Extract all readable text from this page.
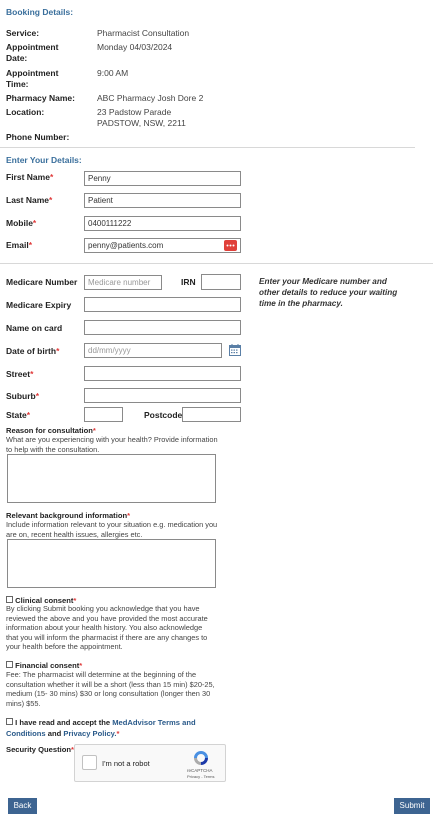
Booking Details:
Service:	Pharmacist Consultation
Appointment
Date:
Monday 04/03/2024
Appointment
Time:
9:00 AM
Pharmacy Name:	ABC Pharmacy Josh Dore 2
Location:	23 Padstow Parade
PADSTOW, NSW, 2211
Phone Number:
Enter Your Details:
First Name*	Penny
Last Name*	Patient
Mobile*	0400111222
Email*	penny@patients.com
Medicare Number	Medicare number	IRN	Enter your Medicare number and other details to reduce your waiting time in the pharmacy.
Medicare Expiry
Name on card
Date of birth*	dd/mm/yyyy
Street*
Suburb*
State*	Postcode
Reason for consultation*
What are you experiencing with your health? Provide information to help with the consultation.
Relevant background information*
Include information relevant to your situation e.g. medication you are on, recent health issues, allergies etc.
Clinical consent*
By clicking Submit booking you acknowledge that you have reviewed the above and you have provided the most accurate information about your health history. You also acknowledge that you will inform the pharmacist if there are any changes to your health before the appointment.
Financial consent*
Fee: The pharmacist will determine at the beginning of the consultation whether it will be a short (less than 15 min) $20-25, medium (15- 30 mins) $30 or long consultation (longer then 30 mins) $55.
I have read and accept the MedAdvisor Terms and Conditions and Privacy Policy.*
Security Question*
I'm not a robot
reCAPTCHA
Privacy - Terms
Back	Submit
